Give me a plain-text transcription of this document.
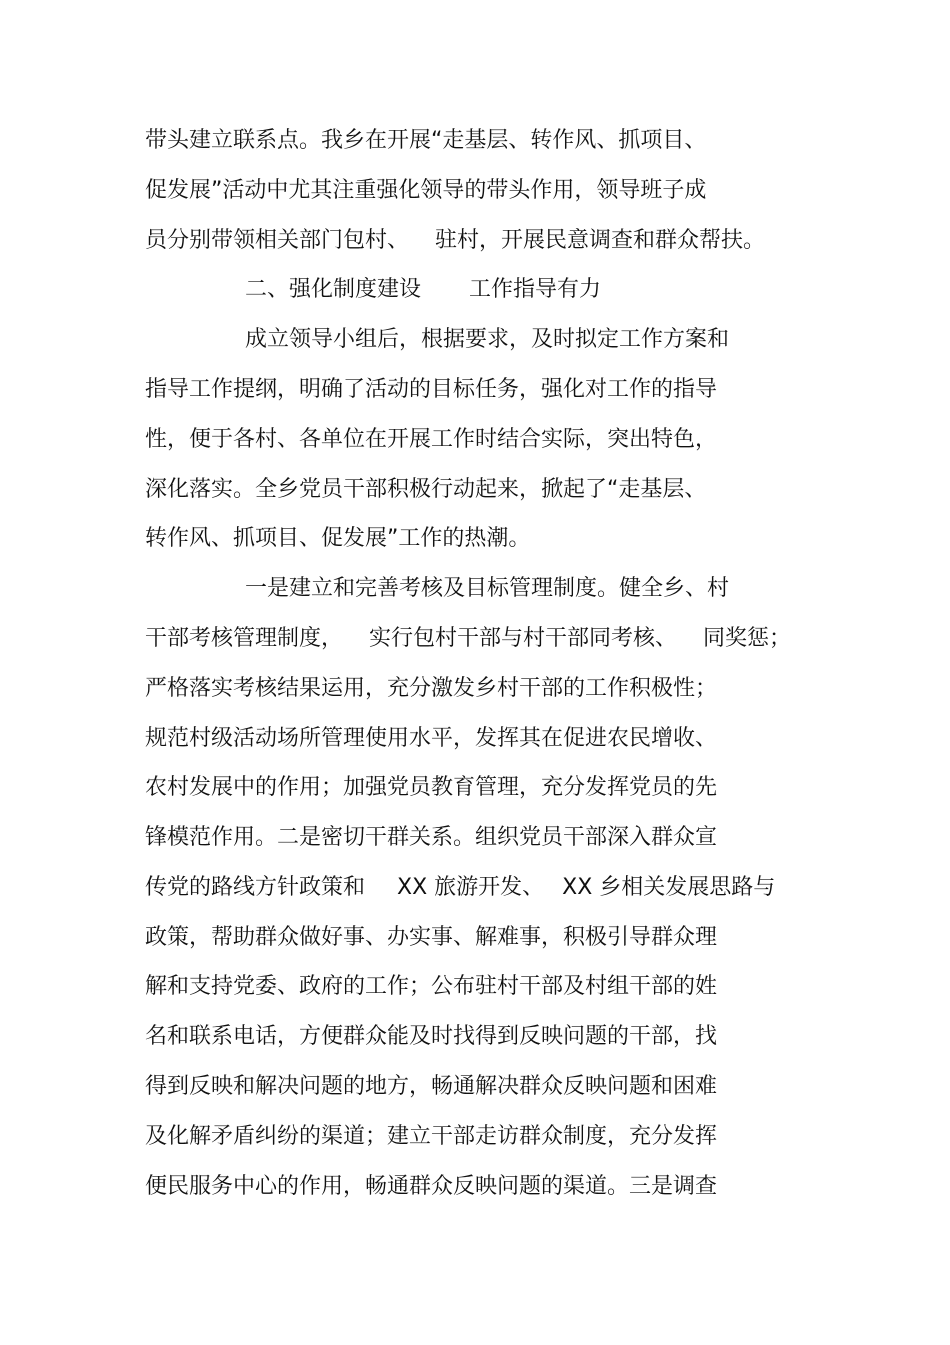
带头建立联系点。我乡在开展“走基层、转作风、抓项目、
促发展”活动中尤其注重强化领导的带头作用，领导班子成
员分别带领相关部门包村、 驻村，开展民意调查和群众帮扶。
二、强化制度建设 工作指导有力
成立领导小组后，根据要求，及时拟定工作方案和
指导工作提纲，明确了活动的目标任务，强化对工作的指导
性，便于各村、各单位在开展工作时结合实际，突出特色，
深化落实。全乡党员干部积极行动起来，掀起了“走基层、
转作风、抓项目、促发展”工作的热潮。
一是建立和完善考核及目标管理制度。健全乡、村
干部考核管理制度， 实行包村干部与村干部同考核、 同奖惩；
严格落实考核结果运用，充分激发乡村干部的工作积极性；
规范村级活动场所管理使用水平，发挥其在促进农民增收、
农村发展中的作用；加强党员教育管理，充分发挥党员的先
锋模范作用。二是密切干群关系。组织党员干部深入群众宣
传党的路线方针政策和 XX 旅游开发、 XX 乡相关发展思路与
政策，帮助群众做好事、办实事、解难事，积极引导群众理
解和支持党委、政府的工作；公布驻村干部及村组干部的姓
名和联系电话，方便群众能及时找得到反映问题的干部，找
得到反映和解决问题的地方，畅通解决群众反映问题和困难
及化解矛盾纠纷的渠道；建立干部走访群众制度，充分发挥
便民服务中心的作用，畅通群众反映问题的渠道。三是调查
